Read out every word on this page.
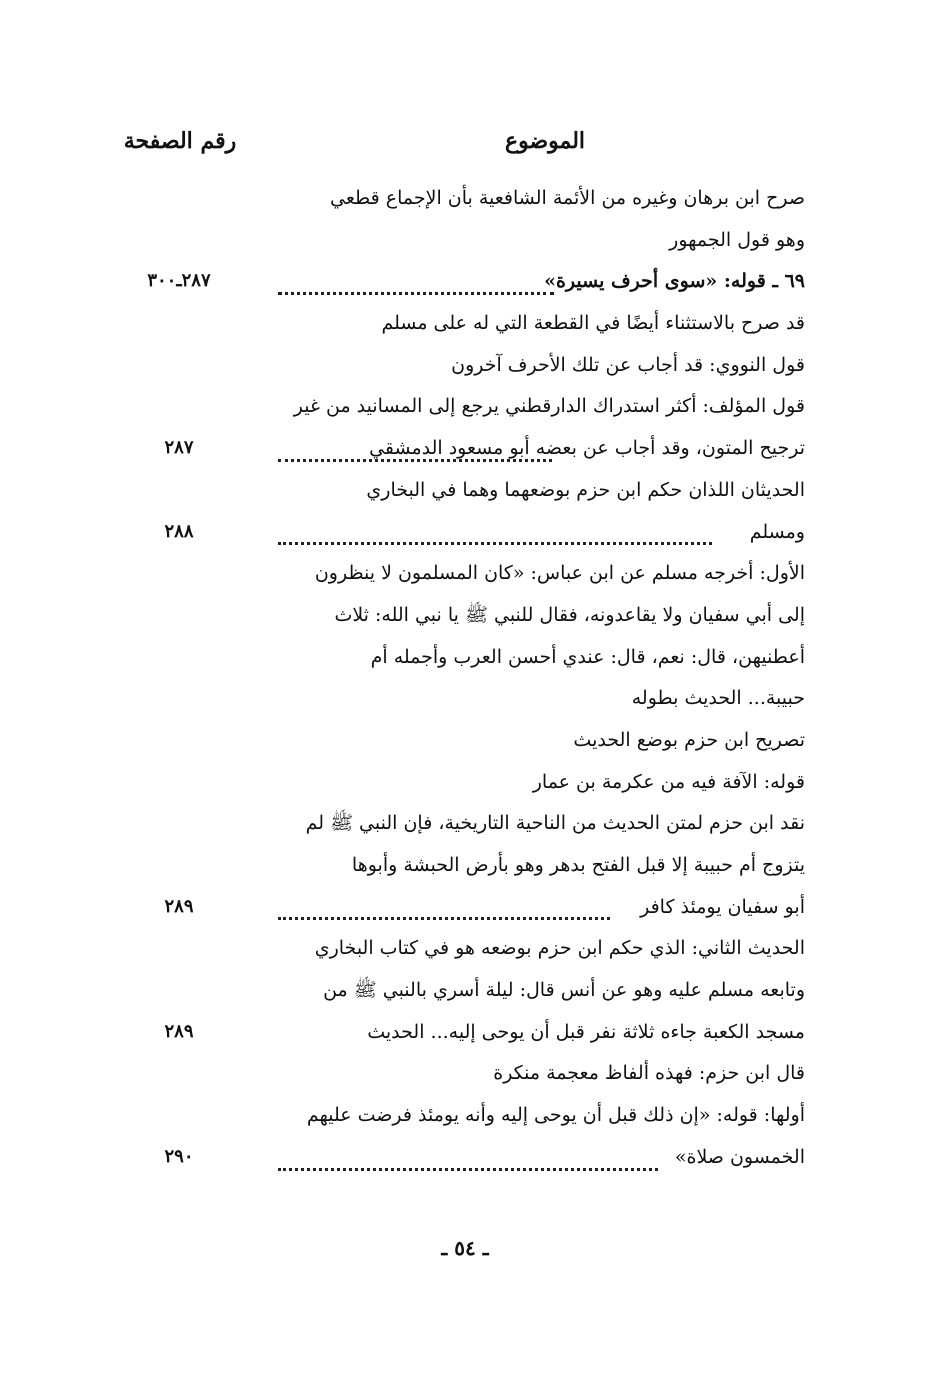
الموضوع
رقم الصفحة
صرح ابن برهان وغيره من الأئمة الشافعية بأن الإجماع قطعي
وهو قول الجمهور
٦٩ ـ قوله: «سوى أحرف يسيرة»
٢٨٧ـ٣٠٠
قد صرح بالاستثناء أيضًا في القطعة التي له على مسلم
قول النووي: قد أجاب عن تلك الأحرف آخرون
قول المؤلف: أكثر استدراك الدارقطني يرجع إلى المسانيد من غير
ترجيح المتون، وقد أجاب عن بعضه أبو مسعود الدمشقي
٢٨٧
الحديثان اللذان حكم ابن حزم بوضعهما وهما في البخاري
ومسلم
٢٨٨
الأول: أخرجه مسلم عن ابن عباس: «كان المسلمون لا ينظرون
إلى أبي سفيان ولا يقاعدونه، فقال للنبي ﷺ يا نبي الله: ثلاث
أعطنيهن، قال: نعم، قال: عندي أحسن العرب وأجمله أم
حبيبة... الحديث بطوله
تصريح ابن حزم بوضع الحديث
قوله: الآفة فيه من عكرمة بن عمار
نقد ابن حزم لمتن الحديث من الناحية التاريخية، فإن النبي ﷺ لم
يتزوج أم حبيبة إلا قبل الفتح بدهر وهو بأرض الحبشة وأبوها
أبو سفيان يومئذ كافر
٢٨٩
الحديث الثاني: الذي حكم ابن حزم بوضعه هو في كتاب البخاري
وتابعه مسلم عليه وهو عن أنس قال: ليلة أسري بالنبي ﷺ من
مسجد الكعبة جاءه ثلاثة نفر قبل أن يوحى إليه... الحديث
٢٨٩
قال ابن حزم: فهذه ألفاظ معجمة منكرة
أولها: قوله: «إن ذلك قبل أن يوحى إليه وأنه يومئذ فرضت عليهم
الخمسون صلاة»
٢٩٠
ـ ٥٤ ـ
